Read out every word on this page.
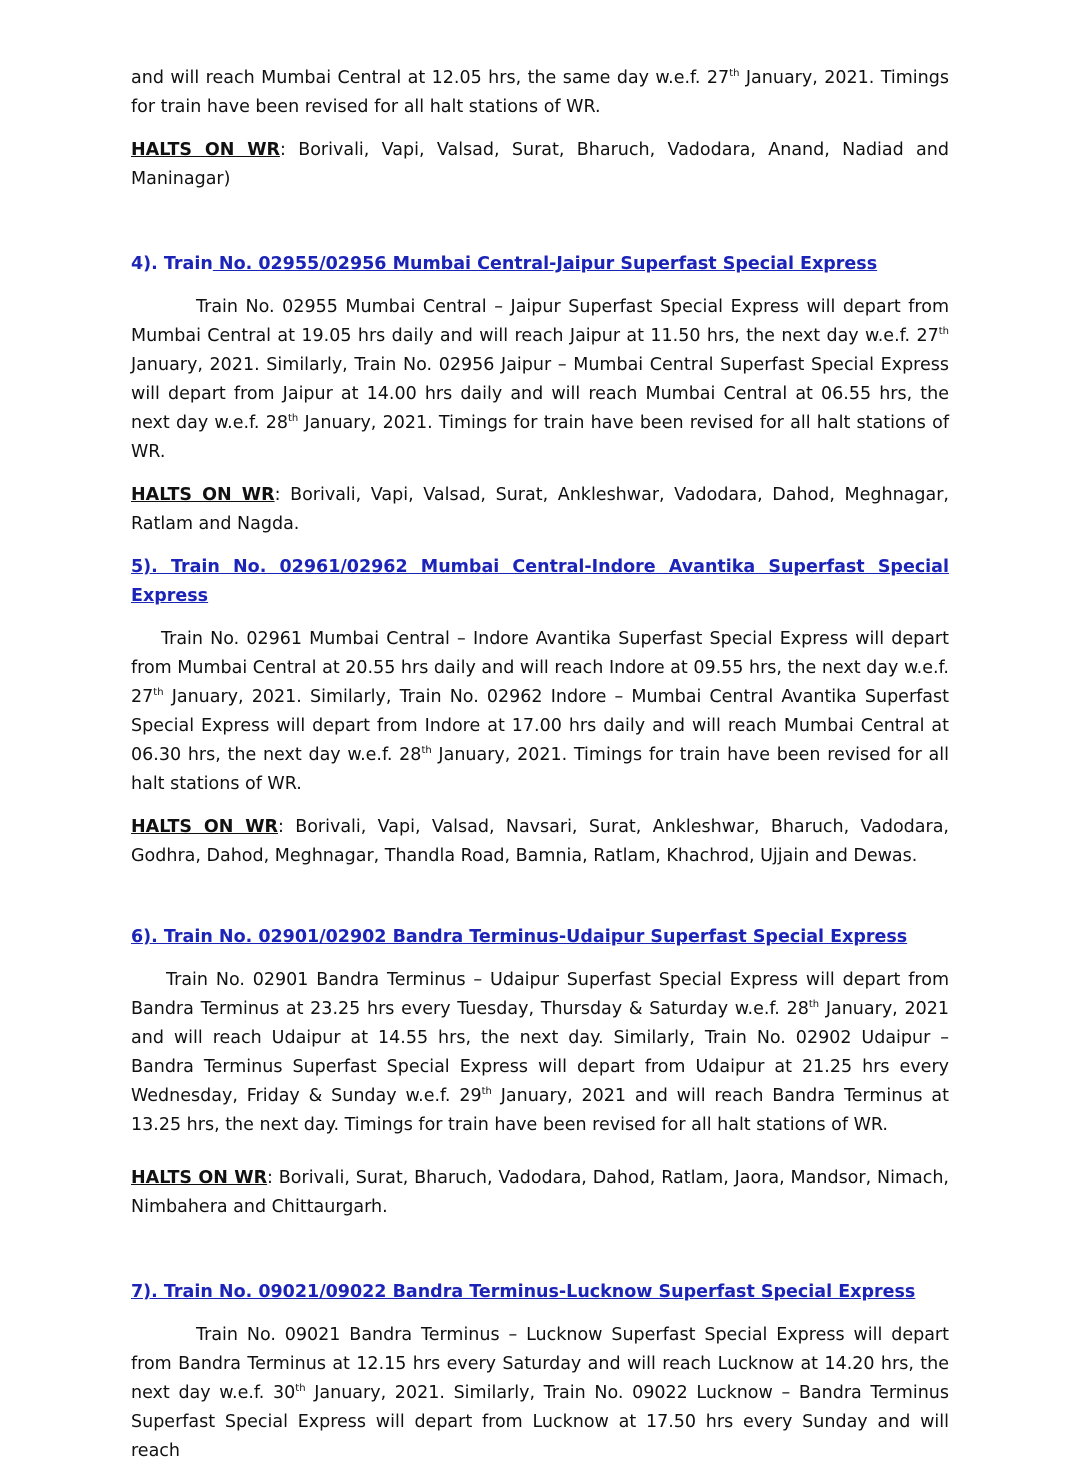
and will reach Mumbai Central at 12.05 hrs, the same day w.e.f. 27th January, 2021. Timings for train have been revised for all halt stations of WR.

HALTS ON WR: Borivali, Vapi, Valsad, Surat, Bharuch, Vadodara, Anand, Nadiad and Maninagar)

4). Train No. 02955/02956 Mumbai Central-Jaipur Superfast Special Express

Train No. 02955 Mumbai Central – Jaipur Superfast Special Express will depart from Mumbai Central at 19.05 hrs daily and will reach Jaipur at 11.50 hrs, the next day w.e.f. 27th January, 2021. Similarly, Train No. 02956 Jaipur – Mumbai Central Superfast Special Express will depart from Jaipur at 14.00 hrs daily and will reach Mumbai Central at 06.55 hrs, the next day w.e.f. 28th January, 2021. Timings for train have been revised for all halt stations of WR.

HALTS ON WR: Borivali, Vapi, Valsad, Surat, Ankleshwar, Vadodara, Dahod, Meghnagar, Ratlam and Nagda.

5). Train No. 02961/02962 Mumbai Central-Indore Avantika Superfast Special Express

Train No. 02961 Mumbai Central – Indore Avantika Superfast Special Express will depart from Mumbai Central at 20.55 hrs daily and will reach Indore at 09.55 hrs, the next day w.e.f. 27th January, 2021. Similarly, Train No. 02962 Indore – Mumbai Central Avantika Superfast Special Express will depart from Indore at 17.00 hrs daily and will reach Mumbai Central at 06.30 hrs, the next day w.e.f. 28th January, 2021. Timings for train have been revised for all halt stations of WR.

HALTS ON WR: Borivali, Vapi, Valsad, Navsari, Surat, Ankleshwar, Bharuch, Vadodara, Godhra, Dahod, Meghnagar, Thandla Road, Bamnia, Ratlam, Khachrod, Ujjain and Dewas.

6). Train No. 02901/02902 Bandra Terminus-Udaipur Superfast Special Express

Train No. 02901 Bandra Terminus – Udaipur Superfast Special Express will depart from Bandra Terminus at 23.25 hrs every Tuesday, Thursday & Saturday w.e.f. 28th January, 2021 and will reach Udaipur at 14.55 hrs, the next day. Similarly, Train No. 02902 Udaipur – Bandra Terminus Superfast Special Express will depart from Udaipur at 21.25 hrs every Wednesday, Friday & Sunday w.e.f. 29th January, 2021 and will reach Bandra Terminus at 13.25 hrs, the next day. Timings for train have been revised for all halt stations of WR.

HALTS ON WR: Borivali, Surat, Bharuch, Vadodara, Dahod, Ratlam, Jaora, Mandsor, Nimach, Nimbahera and Chittaurgarh.

7). Train No. 09021/09022 Bandra Terminus-Lucknow Superfast Special Express

Train No. 09021 Bandra Terminus – Lucknow Superfast Special Express will depart from Bandra Terminus at 12.15 hrs every Saturday and will reach Lucknow at 14.20 hrs, the next day w.e.f. 30th January, 2021. Similarly, Train No. 09022 Lucknow – Bandra Terminus Superfast Special Express will depart from Lucknow at 17.50 hrs every Sunday and will reach
